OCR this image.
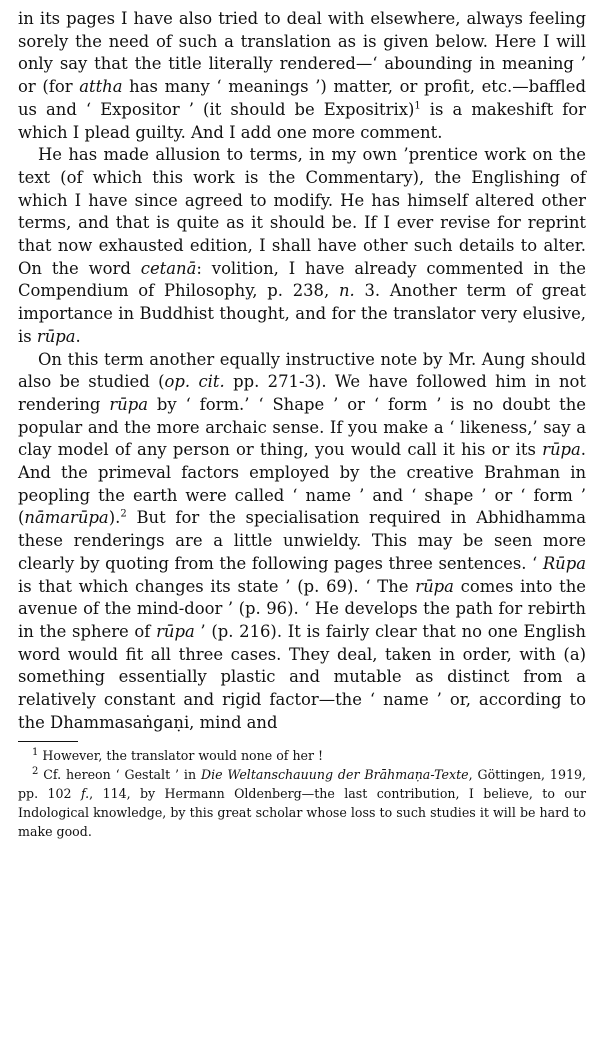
in its pages I have also tried to deal with elsewhere, always feeling sorely the need of such a translation as is given below. Here I will only say that the title literally rendered—‘ abounding in meaning ’ or (for attha has many ‘ meanings ’) matter, or profit, etc.—baffled us and ‘ Expositor ’ (it should be Expositrix)$^1$ is a makeshift for which I plead guilty. And I add one more comment.

He has made allusion to terms, in my own ’prentice work on the text (of which this work is the Commentary), the Englishing of which I have since agreed to modify. He has himself altered other terms, and that is quite as it should be. If I ever revise for reprint that now exhausted edition, I shall have other such details to alter. On the word cetanā: volition, I have already commented in the Compendium of Philosophy, p. 238, n. 3. Another term of great importance in Buddhist thought, and for the translator very elusive, is rūpa.

On this term another equally instructive note by Mr. Aung should also be studied (op. cit. pp. 271-3). We have followed him in not rendering rūpa by ‘ form.’ ‘ Shape ’ or ‘ form ’ is no doubt the popular and the more archaic sense. If you make a ‘ likeness,’ say a clay model of any person or thing, you would call it his or its rūpa. And the primeval factors employed by the creative Brahman in peopling the earth were called ‘ name ’ and ‘ shape ’ or ‘ form ’ (nāmarūpa).$^2$ But for the specialisation required in Abhidhamma these renderings are a little unwieldy. This may be seen more clearly by quoting from the following pages three sentences. ‘ Rūpa is that which changes its state ’ (p. 69). ‘ The rūpa comes into the avenue of the mind-door ’ (p. 96). ‘ He develops the path for rebirth in the sphere of rūpa ’ (p. 216). It is fairly clear that no one English word would fit all three cases. They deal, taken in order, with (a) something essentially plastic and mutable as distinct from a relatively constant and rigid factor—the ‘ name ’ or, according to the Dhammasaṅgaṇi, mind and

$^1$ However, the translator would none of her !

$^2$ Cf. hereon ‘ Gestalt ’ in Die Weltanschauung der Brāhmaṇa-Texte, Göttingen, 1919, pp. 102 f., 114, by Hermann Oldenberg—the last contribution, I believe, to our Indological knowledge, by this great scholar whose loss to such studies it will be hard to make good.
